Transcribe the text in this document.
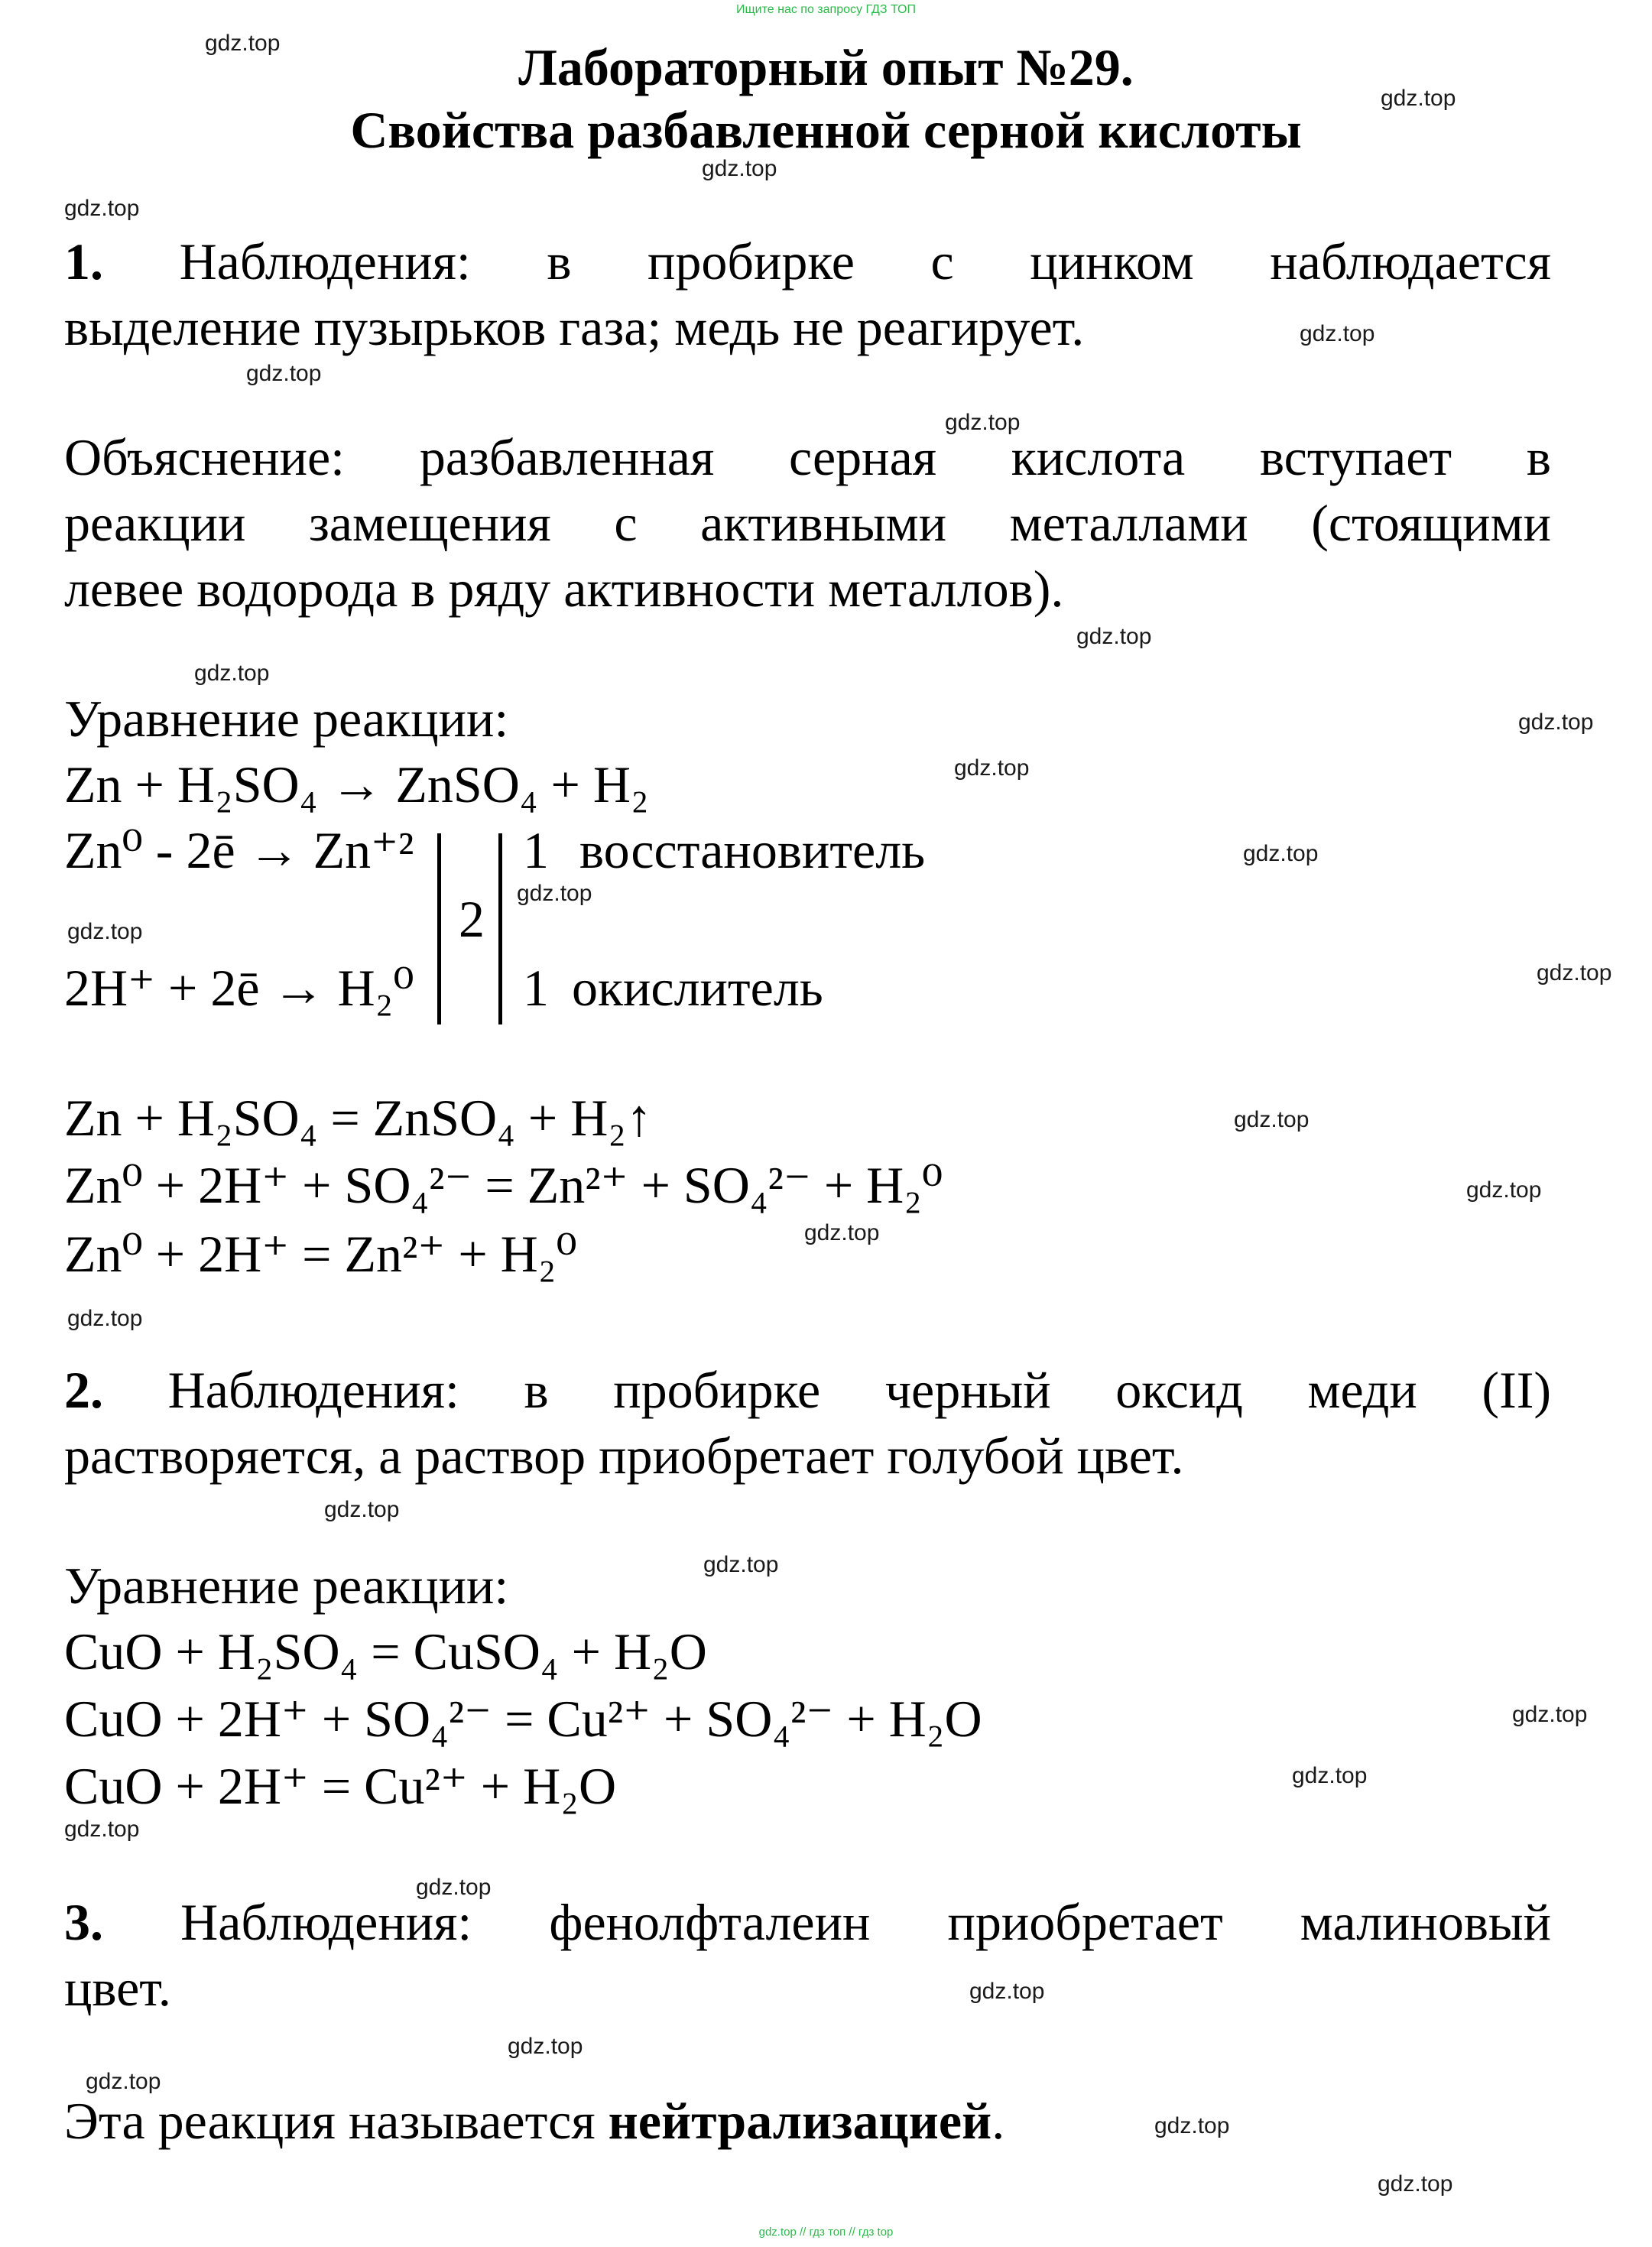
Ищите нас по запросу ГДЗ ТОП
Лабораторный опыт №29.
Свойства разбавленной серной кислоты
1. Наблюдения: в пробирке с цинком наблюдается
выделение пузырьков газа; медь не реагирует.
Объяснение: разбавленная серная кислота вступает в
реакции замещения с активными металлами (стоящими
левее водорода в ряду активности металлов).
Уравнение реакции:
Zn + H₂SO₄ → ZnSO₄ + H₂
Zn⁰ - 2ē → Zn⁺²
2H⁺ + 2ē → H₂⁰
2
1 восстановитель
1 окислитель
Zn + H₂SO₄ = ZnSO₄ + H₂↑
Zn⁰ + 2H⁺ + SO₄²⁻ = Zn²⁺ + SO₄²⁻ + H₂⁰
Zn⁰ + 2H⁺ = Zn²⁺ + H₂⁰
2. Наблюдения: в пробирке черный оксид меди (II)
растворяется, а раствор приобретает голубой цвет.
Уравнение реакции:
CuO + H₂SO₄ = CuSO₄ + H₂O
CuO + 2H⁺ + SO₄²⁻ = Cu²⁺ + SO₄²⁻ + H₂O
CuO + 2H⁺ = Cu²⁺ + H₂O
3. Наблюдения: фенолфталеин приобретает малиновый
цвет.
Эта реакция называется нейтрализацией.
gdz.top
gdz.top
gdz.top
gdz.top
gdz.top
gdz.top
gdz.top
gdz.top
gdz.top
gdz.top
gdz.top
gdz.top
gdz.top
gdz.top
gdz.top
gdz.top
gdz.top
gdz.top
gdz.top
gdz.top
gdz.top
gdz.top
gdz.top
gdz.top
gdz.top
gdz.top
gdz.top
gdz.top
gdz.top
gdz.top
gdz.top // гдз топ // гдз top
